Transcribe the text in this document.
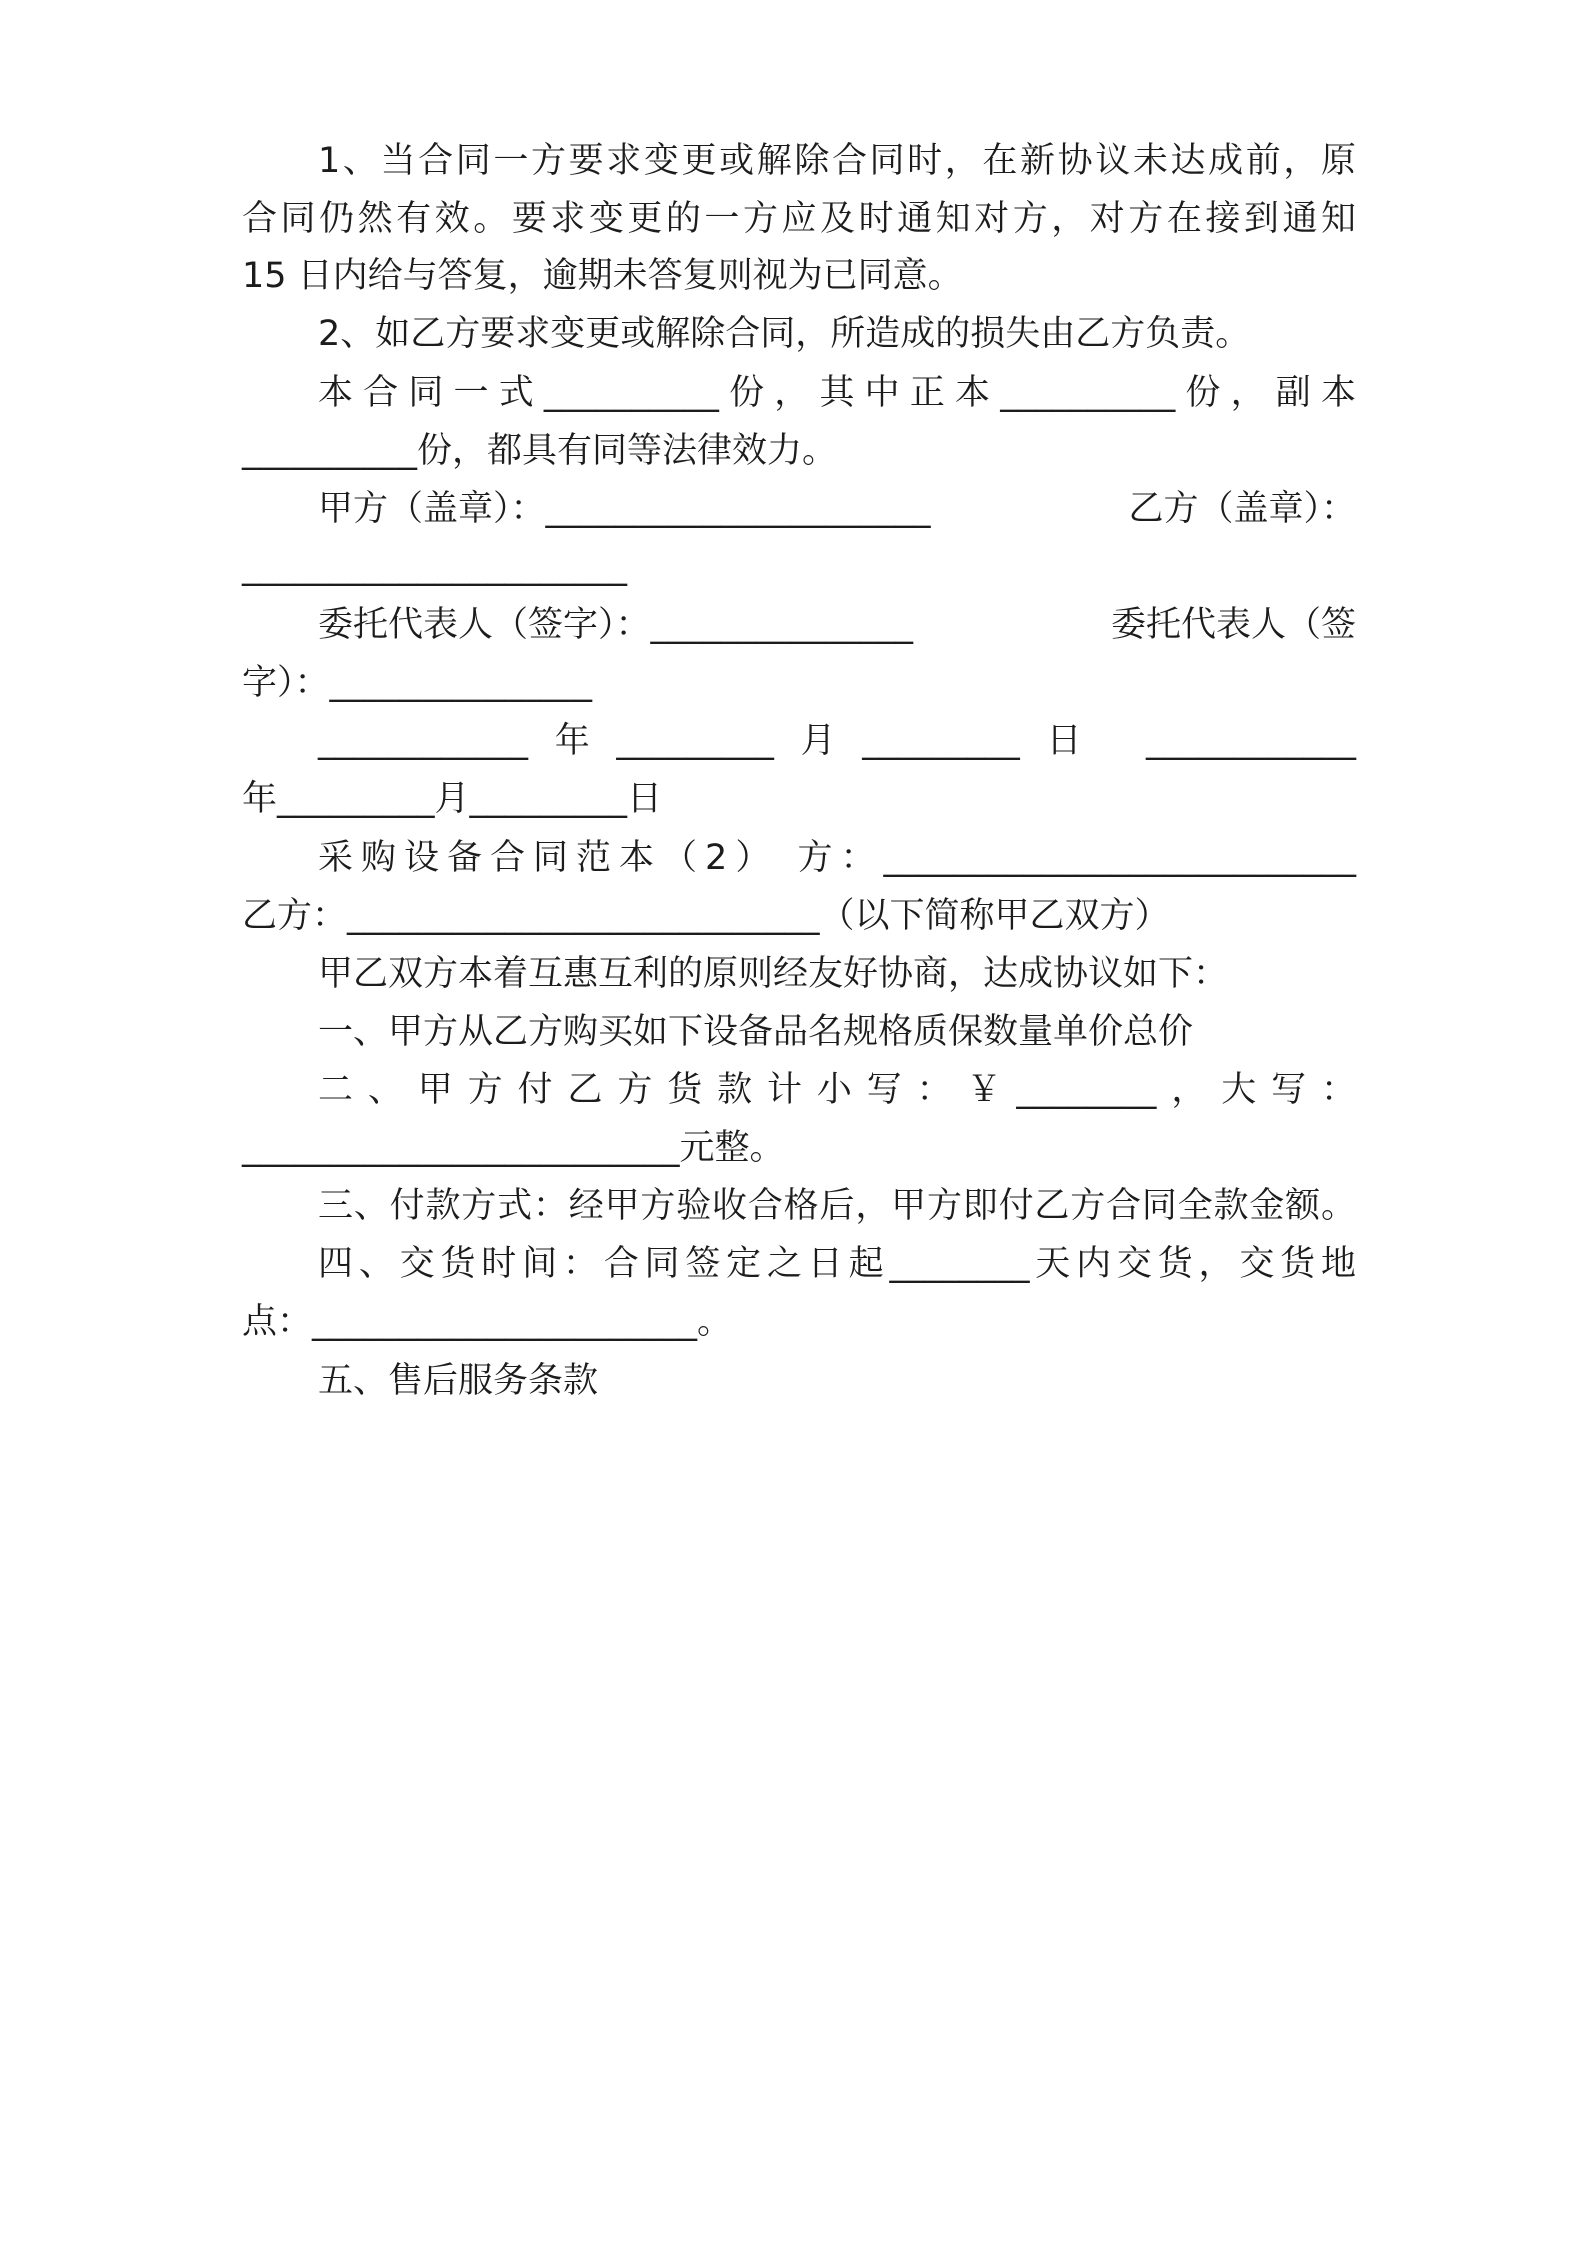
1、当合同一方要求变更或解除合同时，在新协议未达成前，原

合同仍然有效。要求变更的一方应及时通知对方，对方在接到通知

15 日内给与答复，逾期未答复则视为已同意。

2、如乙方要求变更或解除合同，所造成的损失由乙方负责。

本合同一式__________份，其中正本__________份，副本

__________份，都具有同等法律效力。

甲方（盖章）：______________________	乙方（盖章）：

______________________

委托代表人（签字）：_______________	委托代表人（签

字）：_______________

____________年_________月_________日 ____________

年_________月_________日

采购设备合同范本（2） 方：___________________________

乙方：___________________________（以下简称甲乙双方）

甲乙双方本着互惠互利的原则经友好协商，达成协议如下：

一、甲方从乙方购买如下设备品名规格质保数量单价总价

二、甲方付乙方货款计小写：￥________，大写：

_________________________元整。

三、付款方式：经甲方验收合格后，甲方即付乙方合同全款金额。

四、交货时间：合同签定之日起________天内交货，交货地

点：______________________。

五、售后服务条款
